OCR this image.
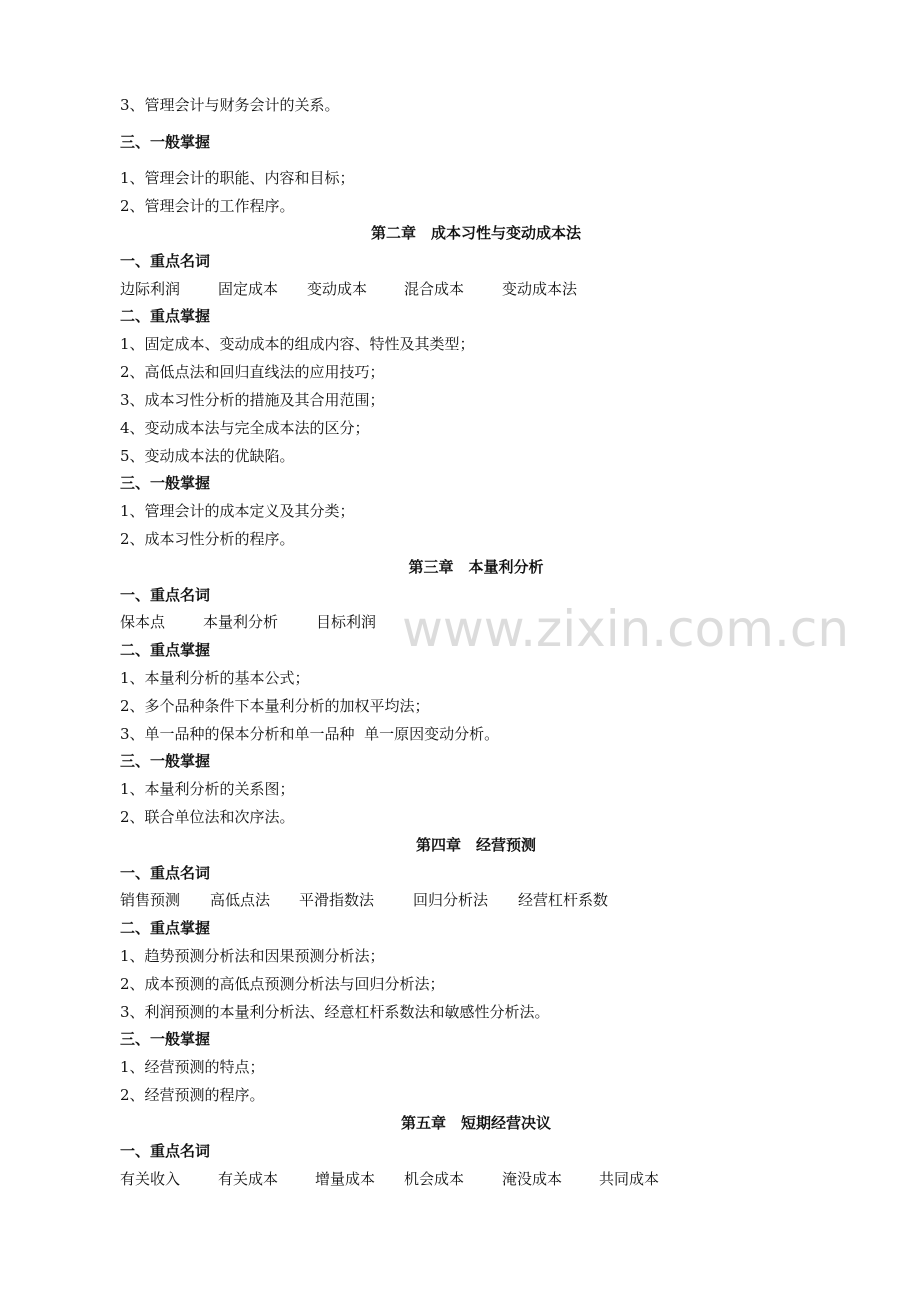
www.zixin.com.cn
3、管理会计与财务会计的关系。
三、一般掌握
1、管理会计的职能、内容和目标；
2、管理会计的工作程序。
第二章　成本习性与变动成本法
一、重点名词
边际利润	固定成本 变动成本 混合成本	变动成本法
二、重点掌握
1、固定成本、变动成本的组成内容、特性及其类型；
2、高低点法和回归直线法的应用技巧；
3、成本习性分析的措施及其合用范围；
4、变动成本法与完全成本法的区分；
5、变动成本法的优缺陷。
三、一般掌握
1、管理会计的成本定义及其分类；
2、成本习性分析的程序。
第三章　本量利分析
一、重点名词
保本点	本量利分析	目标利润
二、重点掌握
1、本量利分析的基本公式；
2、多个品种条件下本量利分析的加权平均法；
3、单一品种的保本分析和单一品种  单一原因变动分析。
三、一般掌握
1、本量利分析的关系图；
2、联合单位法和次序法。
第四章　经营预测
一、重点名词
销售预测 高低点法 平滑指数法	回归分析法 经营杠杆系数
二、重点掌握
1、趋势预测分析法和因果预测分析法；
2、成本预测的高低点预测分析法与回归分析法；
3、利润预测的本量利分析法、经意杠杆系数法和敏感性分析法。
三、一般掌握
1、经营预测的特点；
2、经营预测的程序。
第五章　短期经营决议
一、重点名词
有关收入	有关成本 增量成本 机会成本	淹没成本 共同成本
